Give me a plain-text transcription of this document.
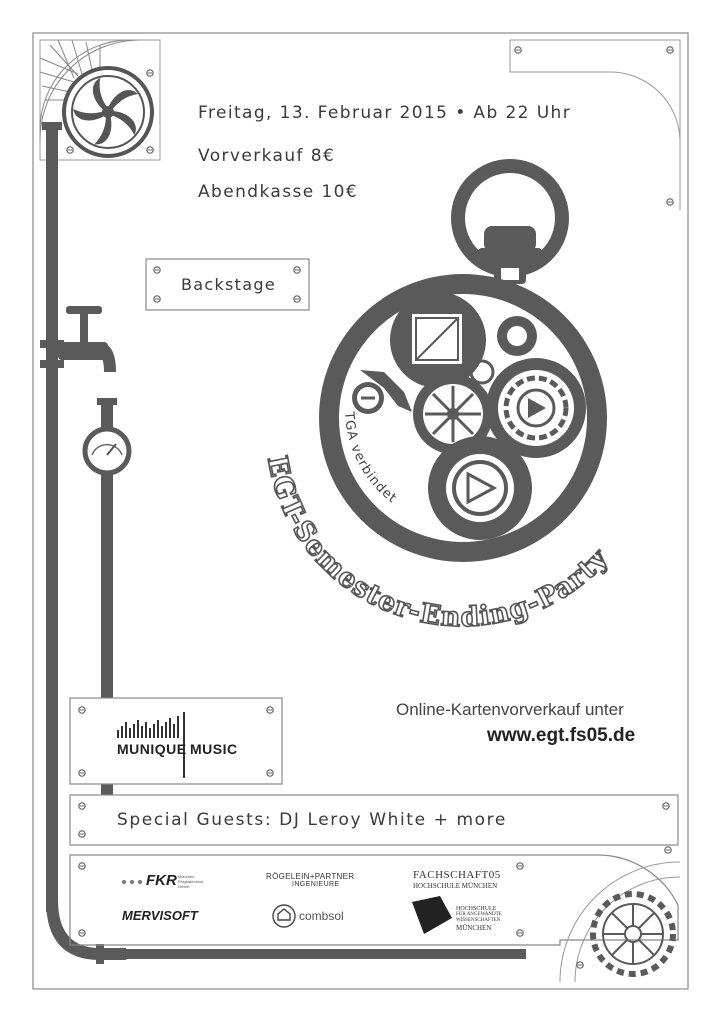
EGT-Semester-Ending-Party
TGA verbindet
Freitag, 13. Februar 2015 • Ab 22 Uhr
Vorverkauf 8€
Abendkasse 10€
Backstage
Online-Kartenvorverkauf unter
www.egt.fs05.de
MUNIQUE MUSIC
Special Guests: DJ Leroy White + more
FKR München Flughafenhost GmbH
RÖGELEIN+PARTNER
INGENIEURE
FACHSCHAFT05
HOCHSCHULE MÜNCHEN
MERVISOFT	combsol	HOCHSCHULE
FÜR ANGEWANDTE
WISSENSCHAFTEN
MÜNCHEN
